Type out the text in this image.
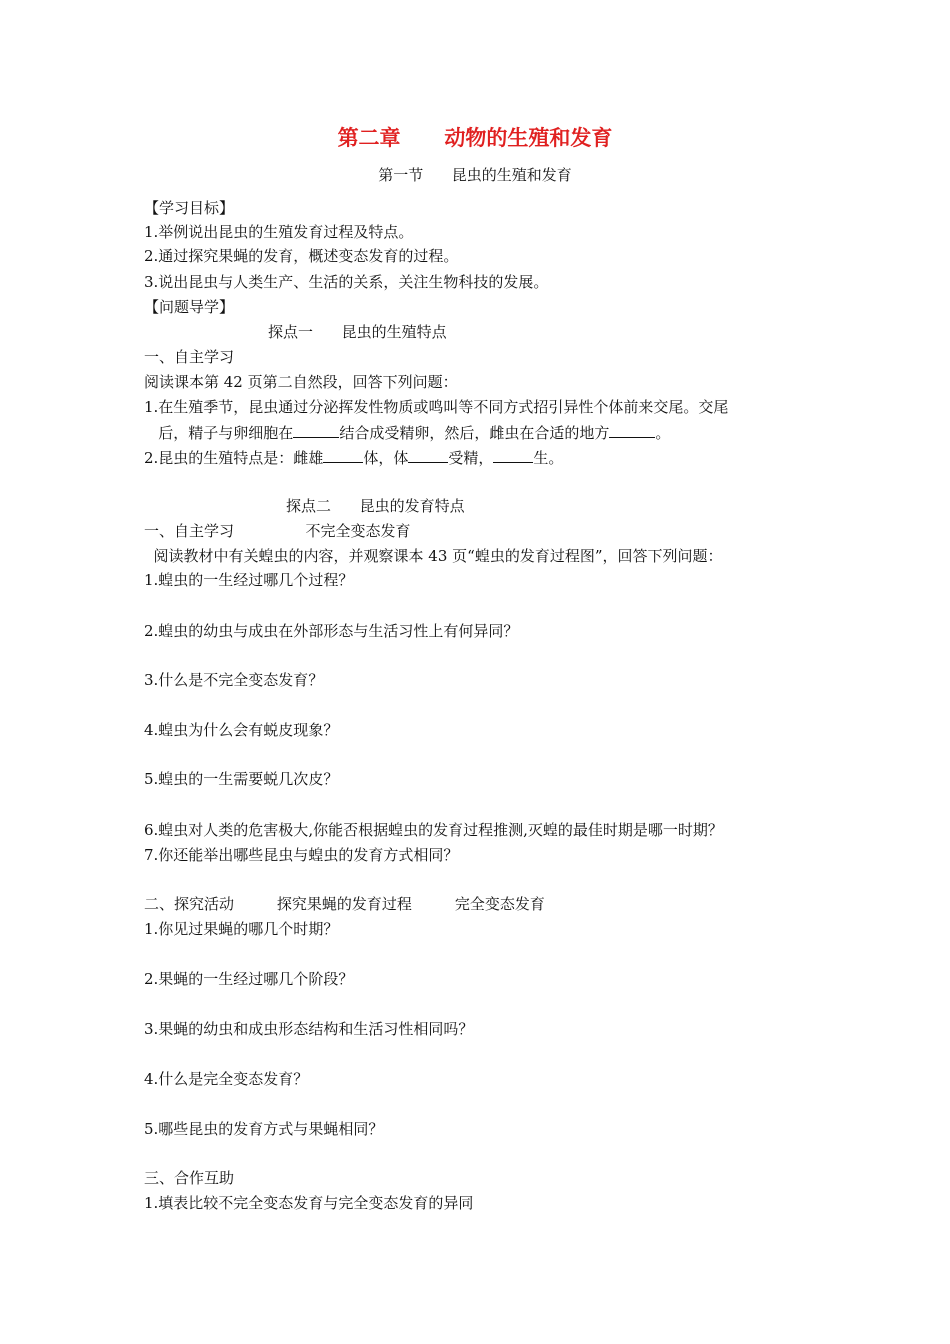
第二章      动物的生殖和发育
第一节      昆虫的生殖和发育
【学习目标】
1.举例说出昆虫的生殖发育过程及特点。
2.通过探究果蝇的发育，概述变态发育的过程。
3.说出昆虫与人类生产、生活的关系，关注生物科技的发展。
【问题导学】
探点一      昆虫的生殖特点
一、自主学习
阅读课本第 42 页第二自然段，回答下列问题：
1.在生殖季节，昆虫通过分泌挥发性物质或鸣叫等不同方式招引异性个体前来交尾。交尾
后，精子与卵细胞在	结合成受精卵，然后，雌虫在合适的地方	。
2.昆虫的生殖特点是：雌雄	体，体	受精，	生。
探点二      昆虫的发育特点
一、自主学习               不完全变态发育
阅读教材中有关蝗虫的内容，并观察课本 43 页“蝗虫的发育过程图”，回答下列问题：
1.蝗虫的一生经过哪几个过程？
2.蝗虫的幼虫与成虫在外部形态与生活习性上有何异同？
3.什么是不完全变态发育？
4.蝗虫为什么会有蜕皮现象？
5.蝗虫的一生需要蜕几次皮？
6.蝗虫对人类的危害极大,你能否根据蝗虫的发育过程推测,灭蝗的最佳时期是哪一时期？
7.你还能举出哪些昆虫与蝗虫的发育方式相同？
二、探究活动         探究果蝇的发育过程         完全变态发育
1.你见过果蝇的哪几个时期？
2.果蝇的一生经过哪几个阶段？
3.果蝇的幼虫和成虫形态结构和生活习性相同吗？
4.什么是完全变态发育？
5.哪些昆虫的发育方式与果蝇相同？
三、合作互助
1.填表比较不完全变态发育与完全变态发育的异同
